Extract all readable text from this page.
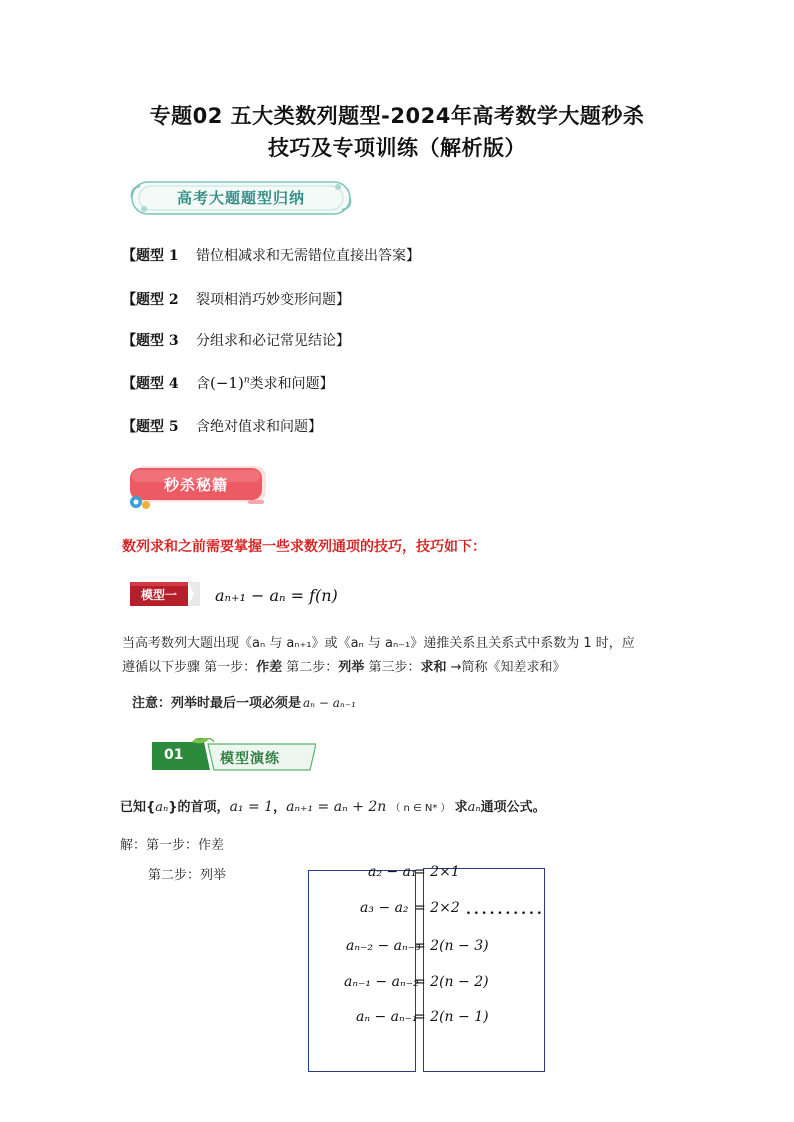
专题02 五大类数列题型-2024年高考数学大题秒杀
技巧及专项训练（解析版）
高考大题题型归纳
【题型 1 错位相减求和无需错位直接出答案】
【题型 2 裂项相消巧妙变形问题】
【题型 3 分组求和必记常见结论】
【题型 4 含$(-1)^n$类求和问题】
【题型 5 含绝对值求和问题】
秒杀秘籍
数列求和之前需要掌握一些求数列通项的技巧，技巧如下：
模型一	aₙ₊₁ − aₙ = f(n)
当高考数列大题出现《aₙ 与 aₙ₊₁》或《aₙ 与 aₙ₋₁》递推关系且关系式中系数为 1 时，应
遵循以下步骤 第一步：作差 第二步：列举 第三步：求和 →简称《知差求和》
注意：列举时最后一项必须是 aₙ − aₙ₋₁
01	模型演练
已知{aₙ}的首项，a₁ = 1，aₙ₊₁ = aₙ + 2n （ n ∈ N* ） 求aₙ通项公式。
解：第一步：作差
第二步：列举	a₂ − a₁
= 2×1
a₃ − a₂ = 2×2 ..........
aₙ₋₂ − aₙ₋₃
= 2(n − 3)
aₙ₋₁ − aₙ₋₂
= 2(n − 2)
aₙ − aₙ₋₁
= 2(n − 1)
